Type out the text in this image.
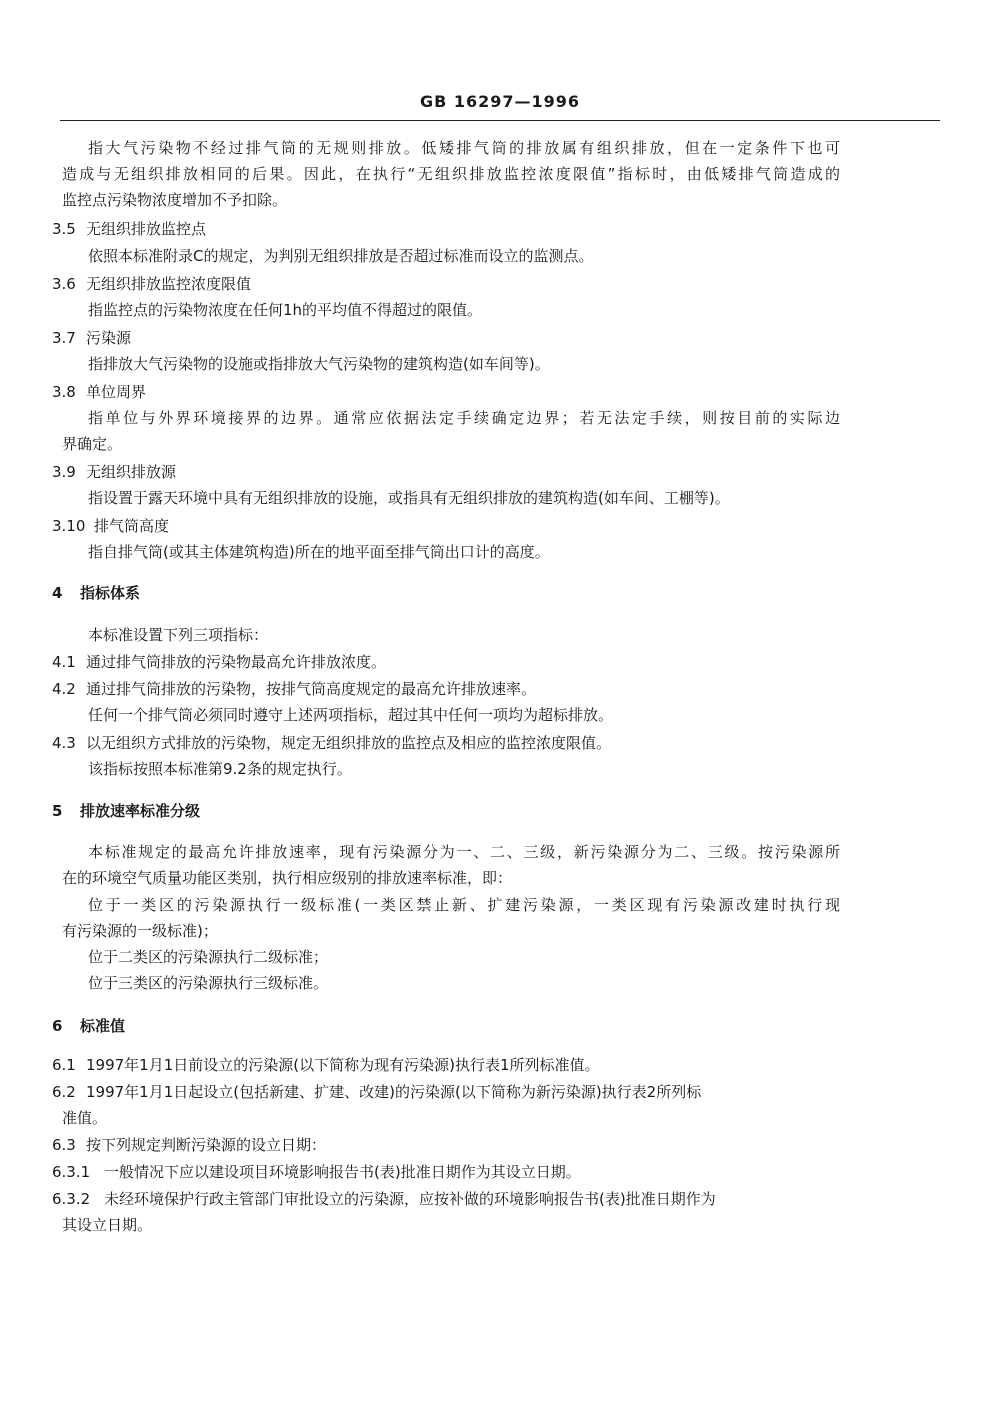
GB 16297—1996
指大气污染物不经过排气筒的无规则排放。低矮排气筒的排放属有组织排放，但在一定条件下也可
造成与无组织排放相同的后果。因此，在执行“无组织排放监控浓度限值”指标时，由低矮排气筒造成的
监控点污染物浓度增加不予扣除。
3.5 无组织排放监控点
依照本标准附录C的规定，为判别无组织排放是否超过标准而设立的监测点。
3.6 无组织排放监控浓度限值
指监控点的污染物浓度在任何1h的平均值不得超过的限值。
3.7 污染源
指排放大气污染物的设施或指排放大气污染物的建筑构造(如车间等)。
3.8 单位周界
指单位与外界环境接界的边界。通常应依据法定手续确定边界；若无法定手续，则按目前的实际边
界确定。
3.9 无组织排放源
指设置于露天环境中具有无组织排放的设施，或指具有无组织排放的建筑构造(如车间、工棚等)。
3.10 排气筒高度
指自排气筒(或其主体建筑构造)所在的地平面至排气筒出口计的高度。
4 指标体系
本标准设置下列三项指标：
4.1 通过排气筒排放的污染物最高允许排放浓度。
4.2 通过排气筒排放的污染物，按排气筒高度规定的最高允许排放速率。
任何一个排气筒必须同时遵守上述两项指标，超过其中任何一项均为超标排放。
4.3 以无组织方式排放的污染物，规定无组织排放的监控点及相应的监控浓度限值。
该指标按照本标准第9.2条的规定执行。
5 排放速率标准分级
本标准规定的最高允许排放速率，现有污染源分为一、二、三级，新污染源分为二、三级。按污染源所
在的环境空气质量功能区类别，执行相应级别的排放速率标准，即：
位于一类区的污染源执行一级标准(一类区禁止新、扩建污染源，一类区现有污染源改建时执行现
有污染源的一级标准)；
位于二类区的污染源执行二级标准；
位于三类区的污染源执行三级标准。
6 标准值
6.1 1997年1月1日前设立的污染源(以下简称为现有污染源)执行表1所列标准值。
6.2 1997年1月1日起设立(包括新建、扩建、改建)的污染源(以下简称为新污染源)执行表2所列标
准值。
6.3 按下列规定判断污染源的设立日期：
6.3.1 一般情况下应以建设项目环境影响报告书(表)批准日期作为其设立日期。
6.3.2 未经环境保护行政主管部门审批设立的污染源，应按补做的环境影响报告书(表)批准日期作为
其设立日期。
